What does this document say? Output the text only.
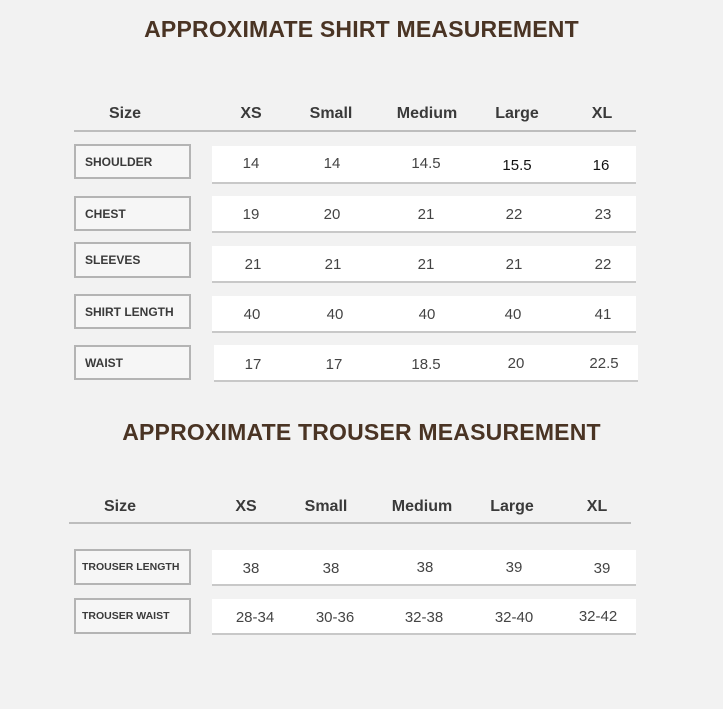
APPROXIMATE SHIRT MEASUREMENT
Size	XS	Small	Medium	Large	XL
SHOULDER	14	14	14.5	15.5	16
CHEST	19	20	21	22	23
SLEEVES	21	21	21	21	22
SHIRT LENGTH	40	40	40	40	41
WAIST	17	17	18.5	20	22.5
APPROXIMATE TROUSER MEASUREMENT
Size	XS	Small	Medium	Large	XL
TROUSER LENGTH	38	38	38	39	39
TROUSER WAIST	28-34	30-36	32-38	32-40	32-42
